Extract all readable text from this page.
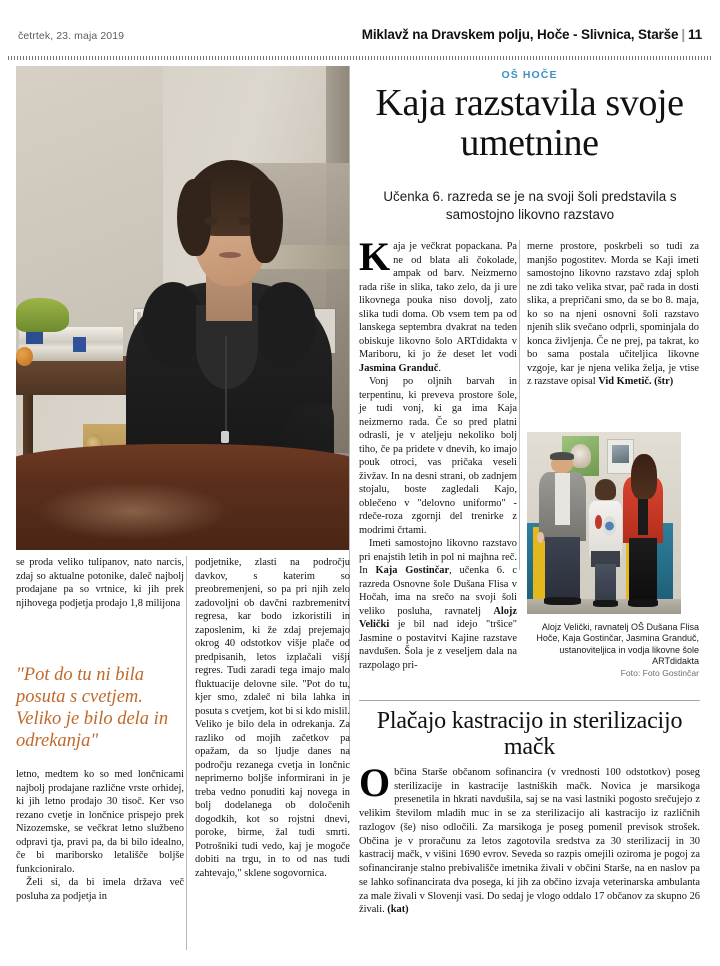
četrtek, 23. maja 2019	Miklavž na Dravskem polju, Hoče - Slivnica, Starše | 11

se proda veliko tulipanov, nato narcis, zdaj so aktualne potonike, daleč najbolj prodajane pa so vrtnice, ki jih prek njihovega podjetja prodajo 1,8 milijona

"Pot do tu ni bila posuta s cvetjem. Veliko je bilo dela in odrekanja"

letno, medtem ko so med lončnicami najbolj prodajane različne vrste orhidej, ki jih letno prodajo 30 tisoč. Ker vso rezano cvetje in lončnice prispejo prek Nizozemske, se večkrat letno službeno odpravi tja, pravi pa, da bi bilo idealno, če bi mariborsko letališče boljše funkcioniralo.

Želi si, da bi imela država več posluha za podjetja in

podjetnike, zlasti na področju davkov, s katerim so preobremenjeni, so pa pri njih zelo zadovoljni ob davčni razbremenitvi regresa, kar bodo izkoristili in zaposlenim, ki že zdaj prejemajo okrog 40 odstotkov višje plače od predpisanih, letos izplačali višji regres. Tudi zaradi tega imajo malo fluktuacije delovne sile. "Pot do tu, kjer smo, zdaleč ni bila lahka in posuta s cvetjem, kot bi si kdo mislil. Veliko je bilo dela in odrekanja. Za razliko od mojih začetkov pa opažam, da so ljudje danes na področju rezanega cvetja in lončnic neprimerno boljše informirani in je treba vedno ponuditi kaj novega in bolj dodelanega ob določenih dogodkih, kot so rojstni dnevi, poroke, birme, žal tudi smrti. Potrošniki tudi vedo, kaj je mogoče dobiti na trgu, in to od nas tudi zahtevajo," sklene sogovornica.

OŠ HOČE
Kaja razstavila svoje umetnine
Učenka 6. razreda se je na svoji šoli predstavila s samostojno likovno razstavo

Kaja je večkrat popackana. Pa ne od blata ali čokolade, ampak od barv. Neizmerno rada riše in slika, tako zelo, da ji ure likovnega pouka niso dovolj, zato slika tudi doma. Ob vsem tem pa od lanskega septembra dvakrat na teden obiskuje likovno šolo ARTdidakta v Mariboru, ki jo že deset let vodi Jasmina Granduč.

Vonj po oljnih barvah in terpentinu, ki preveva prostore šole, je tudi vonj, ki ga ima Kaja neizmerno rada. Če so pred platni odrasli, je v ateljeju nekoliko bolj tiho, če pa pridete v dnevih, ko imajo pouk otroci, vas pričaka veseli živžav. In na desni strani, ob zadnjem stojalu, boste zagledali Kajo, oblečeno v "delovno uniformo" - rdeče-roza zgornji del trenirke z modrimi črtami.

Imeti samostojno likovno razstavo pri enajstih letih in pol ni majhna reč. In Kaja Gostinčar, učenka 6. c razreda Osnovne šole Dušana Flisa v Hočah, ima na srečo na svoji šoli veliko posluha, ravnatelj Alojz Velički je bil nad idejo "tršice" Jasmine o postavitvi Kajine razstave navdušen. Šola je z veseljem dala na razpolago pri-

merne prostore, poskrbeli so tudi za manjšo pogostitev. Morda se Kaji imeti samostojno likovno razstavo zdaj sploh ne zdi tako velika stvar, pač rada in dosti slika, a prepričani smo, da se bo 8. maja, ko so na njeni osnovni šoli razstavo njenih slik svečano odprli, spominjala do konca življenja. Če ne prej, pa takrat, ko bo sama postala učiteljica likovne vzgoje, kar je njena velika želja, je vtise z razstave opisal Vid Kmetič. (štr)

Alojz Velički, ravnatelj OŠ Dušana Flisa Hoče, Kaja Gostinčar, Jasmina Granduč, ustanoviteljica in vodja likovne šole ARTdidakta
Foto: Foto Gostinčar
Plačajo kastracijo in sterilizacijo mačk

Občina Starše občanom sofinancira (v vrednosti 100 odstotkov) poseg sterilizacije in kastracije lastniških mačk. Novica je marsikoga presenetila in hkrati navdušila, saj se na vasi lastniki pogosto srečujejo z velikim številom mladih muc in se za sterilizacijo ali kastracijo iz različnih razlogov (še) niso odločili. Za marsikoga je poseg pomenil previsok strošek. Občina je v proračunu za letos zagotovila sredstva za 30 sterilizacij in 30 kastracij mačk, v višini 1690 evrov. Seveda so razpis omejili oziroma je pogoj za sofinanciranje stalno prebivališče imetnika živali v občini Starše, na en naslov pa se lahko sofinancirata dva posega, ki jih za občino izvaja veterinarska ambulanta za male živali v Slovenji vasi. Do sedaj je vlogo oddalo 17 občanov za skupno 26 živali. (kat)
